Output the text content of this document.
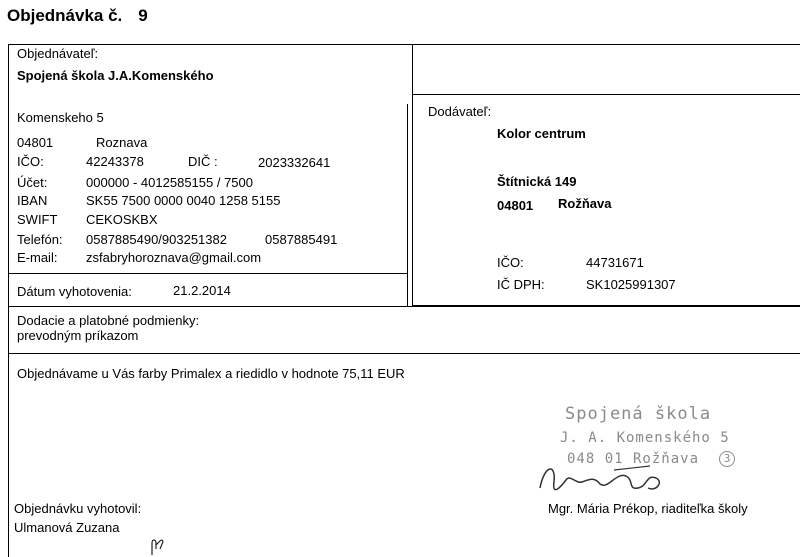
Objednávka č. 9
Objednávateľ:
Spojená škola J.A.Komenského
Komenskeho 5
04801	Roznava
IČO:	42243378	DIČ :	2023332641
Účet:	000000 - 4012585155 / 7500
IBAN	SK55 7500 0000 0040 1258 5155
SWIFT CEKOSKBX
Telefón: 0587885490/903251382	0587885491
E-mail: zsfabryhoroznava@gmail.com
Dodávateľ:
Kolor centrum
Štítnická 149
04801 Rožňava
IČO:	44731671
IČ DPH:	SK1025991307
Dátum vyhotovenia:	21.2.2014
Dodacie a platobné podmienky:
prevodným príkazom
Objednávame u Vás farby Primalex a riedidlo v hodnote 75,11 EUR
Spojená škola
J. A. Komenského 5
048 01 Rožňava	3
Mgr. Mária Prékop, riaditeľka školy
Objednávku vyhotovil:
Ulmanová Zuzana
